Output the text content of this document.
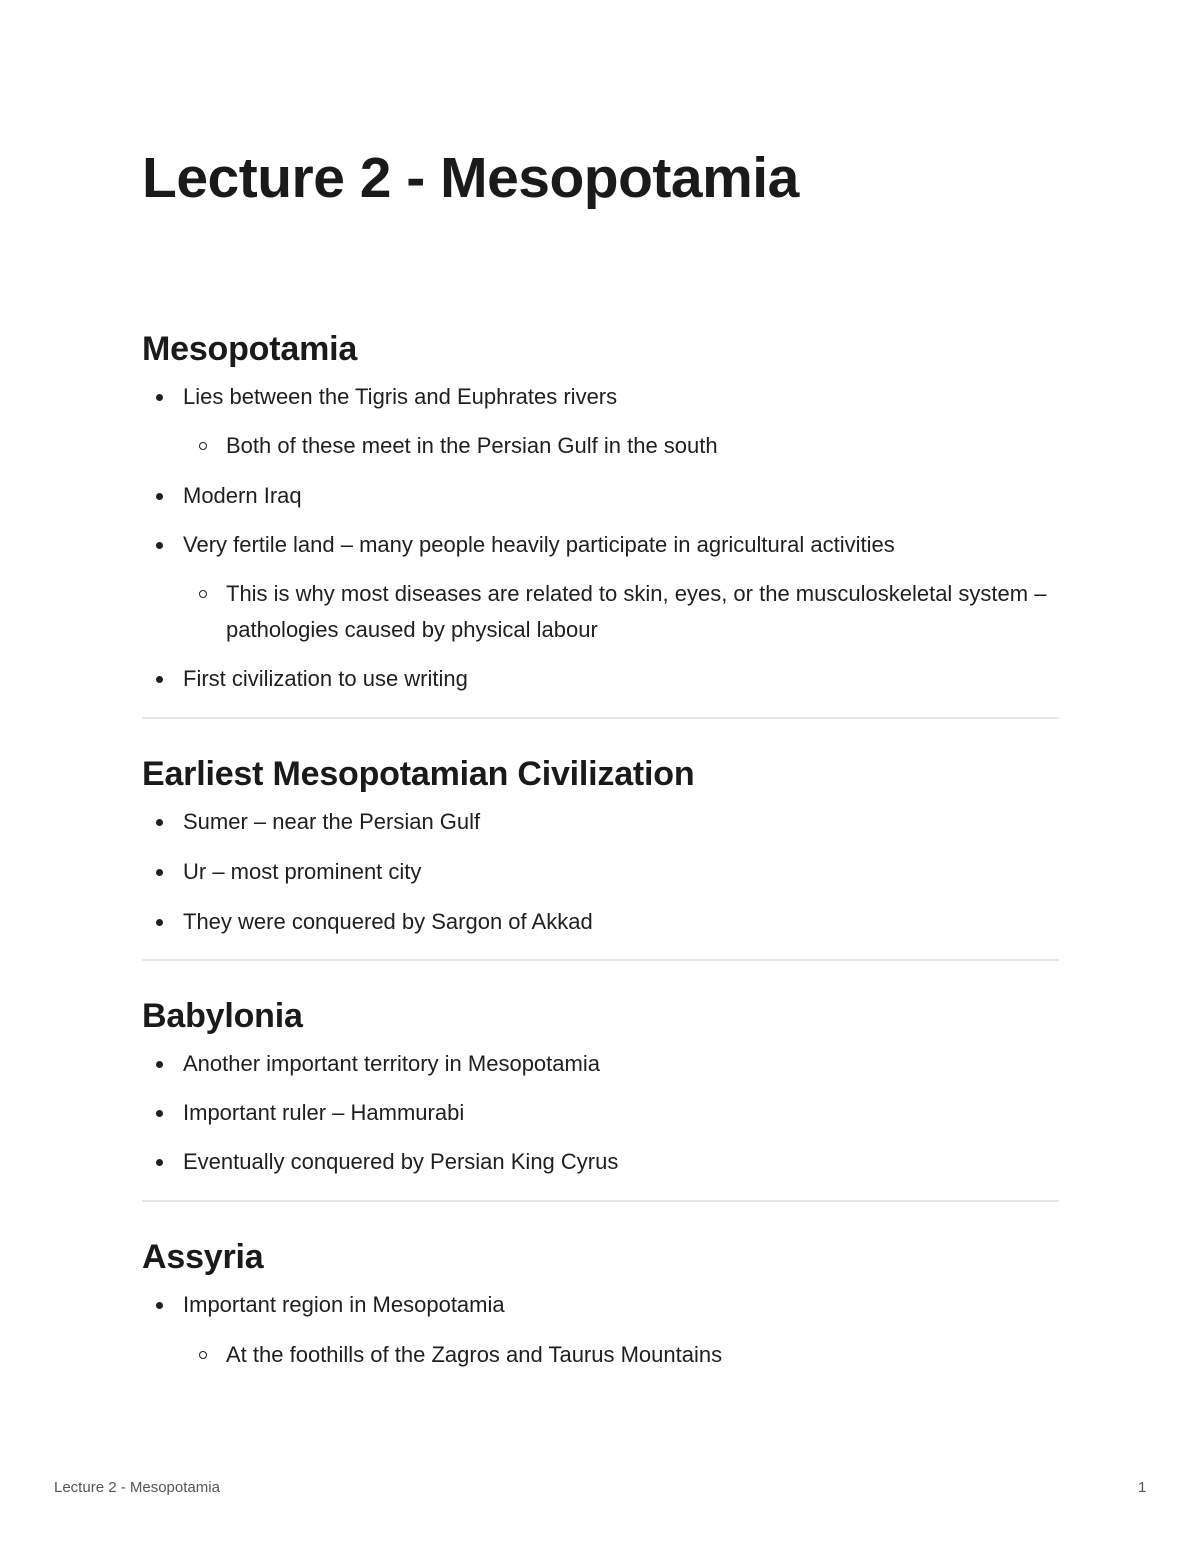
Lecture 2 - Mesopotamia
Mesopotamia
Lies between the Tigris and Euphrates rivers
Both of these meet in the Persian Gulf in the south
Modern Iraq
Very fertile land – many people heavily participate in agricultural activities
This is why most diseases are related to skin, eyes, or the musculoskeletal system – pathologies caused by physical labour
First civilization to use writing
Earliest Mesopotamian Civilization
Sumer – near the Persian Gulf
Ur – most prominent city
They were conquered by Sargon of Akkad
Babylonia
Another important territory in Mesopotamia
Important ruler – Hammurabi
Eventually conquered by Persian King Cyrus
Assyria
Important region in Mesopotamia
At the foothills of the Zagros and Taurus Mountains
Lecture 2 - Mesopotamia	1
